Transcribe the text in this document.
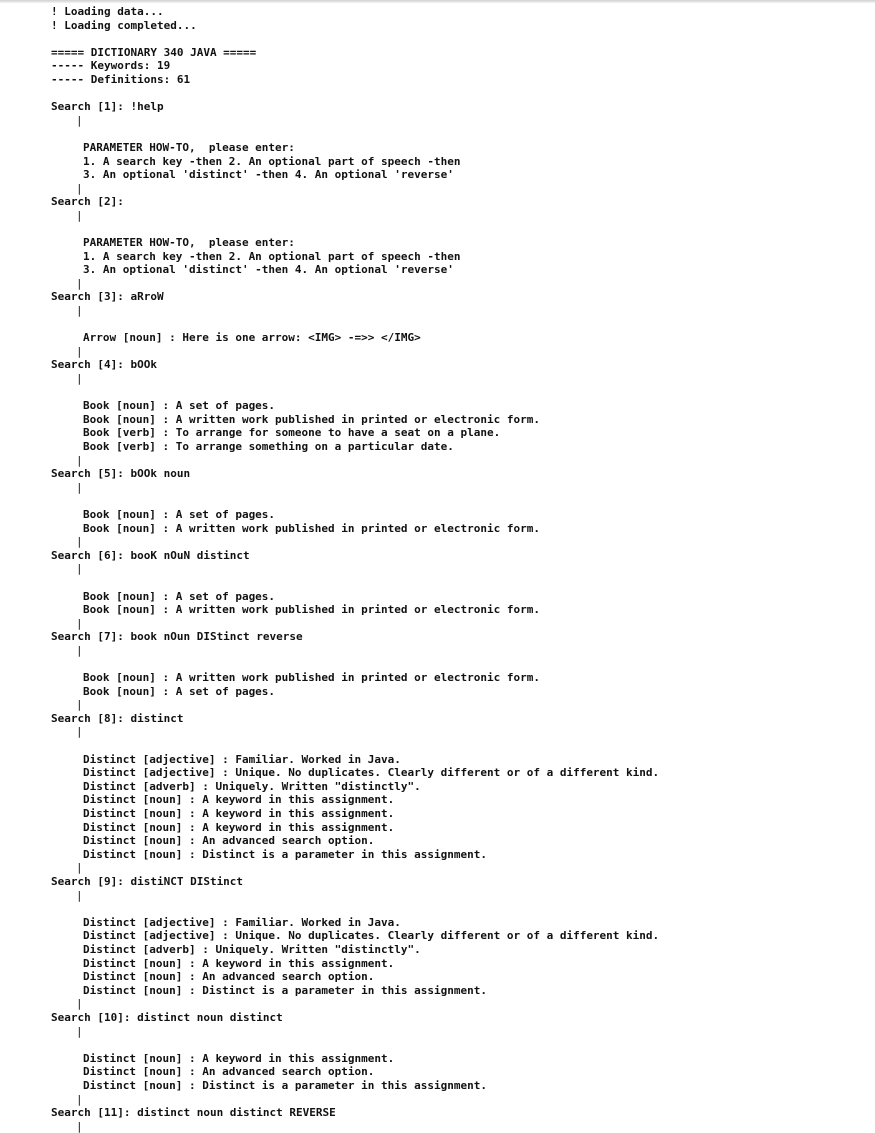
! Loading data...
! Loading completed...
===== DICTIONARY 340 JAVA =====
----- Keywords: 19
----- Definitions: 61
Search [1]: !help
|
PARAMETER HOW-TO,  please enter:
1. A search key -then 2. An optional part of speech -then
3. An optional 'distinct' -then 4. An optional 'reverse'
|
Search [2]:
|
PARAMETER HOW-TO,  please enter:
1. A search key -then 2. An optional part of speech -then
3. An optional 'distinct' -then 4. An optional 'reverse'
|
Search [3]: aRroW
|
Arrow [noun] : Here is one arrow: <IMG> -=>> </IMG>
|
Search [4]: bOOk
|
Book [noun] : A set of pages.
Book [noun] : A written work published in printed or electronic form.
Book [verb] : To arrange for someone to have a seat on a plane.
Book [verb] : To arrange something on a particular date.
|
Search [5]: bOOk noun
|
Book [noun] : A set of pages.
Book [noun] : A written work published in printed or electronic form.
|
Search [6]: booK nOuN distinct
|
Book [noun] : A set of pages.
Book [noun] : A written work published in printed or electronic form.
|
Search [7]: book nOun DIStinct reverse
|
Book [noun] : A written work published in printed or electronic form.
Book [noun] : A set of pages.
|
Search [8]: distinct
|
Distinct [adjective] : Familiar. Worked in Java.
Distinct [adjective] : Unique. No duplicates. Clearly different or of a different kind.
Distinct [adverb] : Uniquely. Written "distinctly".
Distinct [noun] : A keyword in this assignment.
Distinct [noun] : A keyword in this assignment.
Distinct [noun] : A keyword in this assignment.
Distinct [noun] : An advanced search option.
Distinct [noun] : Distinct is a parameter in this assignment.
|
Search [9]: distiNCT DIStinct
|
Distinct [adjective] : Familiar. Worked in Java.
Distinct [adjective] : Unique. No duplicates. Clearly different or of a different kind.
Distinct [adverb] : Uniquely. Written "distinctly".
Distinct [noun] : A keyword in this assignment.
Distinct [noun] : An advanced search option.
Distinct [noun] : Distinct is a parameter in this assignment.
|
Search [10]: distinct noun distinct
|
Distinct [noun] : A keyword in this assignment.
Distinct [noun] : An advanced search option.
Distinct [noun] : Distinct is a parameter in this assignment.
|
Search [11]: distinct noun distinct REVERSE
|
